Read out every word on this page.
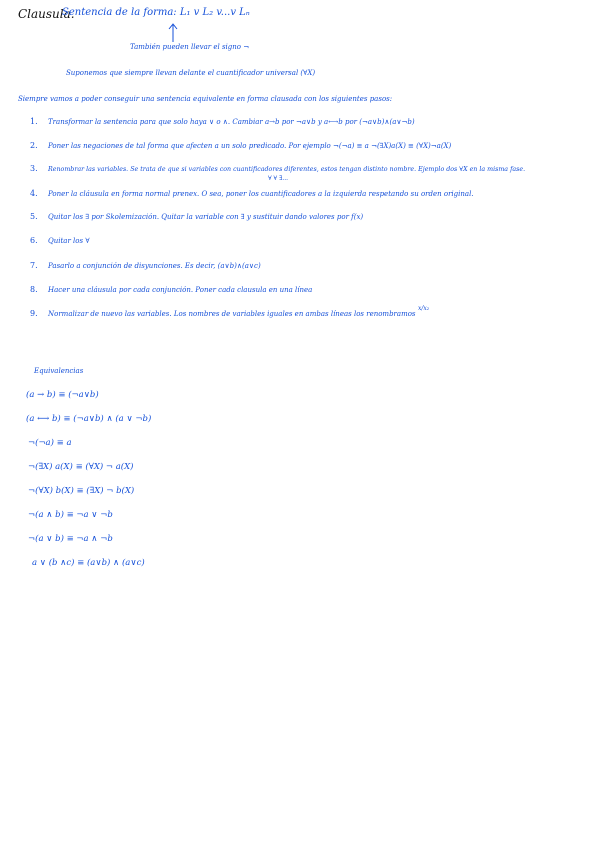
Clausula.
Sentencia de la forma: L₁ v L₂ v...v Lₙ
También pueden llevar el signo ¬
Suponemos que siempre llevan delante el cuantificador universal (∀X)
Siempre vamos a poder conseguir una sentencia equivalente en forma clausada con los siguientes pasos:
1. Transformar la sentencia para que solo haya ∨ o ∧. Cambiar a→b por ¬a∨b y a⟷b por (¬a∨b)∧(a∨¬b)
2. Poner las negaciones de tal forma que afecten a un solo predicado. Por ejemplo ¬(¬a) ≡ a ¬(∃X)a(X) ≡ (∀X)¬a(X)
3. Renombrar las variables. Se trata de que si variables con cuantificadores diferentes, estos tengan distinto nombre. Ejemplo dos ∀X en la misma fase.
∀ ∀ ∃...
4. Poner la cláusula en forma normal prenex. O sea, poner los cuantificadores a la izquierda respetando su orden original.
5. Quitar los ∃ por Skolemización. Quitar la variable con ∃ y sustituir dando valores por f(x)
6. Quitar los ∀
7. Pasarlo a conjunción de disyunciones. Es decir, (a∨b)∧(a∨c)
8. Hacer una cláusula por cada conjunción. Poner cada clausula en una línea
9. Normalizar de nuevo las variables. Los nombres de variables iguales en ambas líneas los renombramos
x/x₂
Equivalencias
(a → b) ≡ (¬a∨b)
(a ⟷ b) ≡ (¬a∨b) ∧ (a ∨ ¬b)
¬(¬a) ≡ a
¬(∃X) a(X) ≡ (∀X) ¬ a(X)
¬(∀X) b(X) ≡ (∃X) ¬ b(X)
¬(a ∧ b) ≡ ¬a ∨ ¬b
¬(a ∨ b) ≡ ¬a ∧ ¬b
a ∨ (b ∧c) ≡ (a∨b) ∧ (a∨c)
